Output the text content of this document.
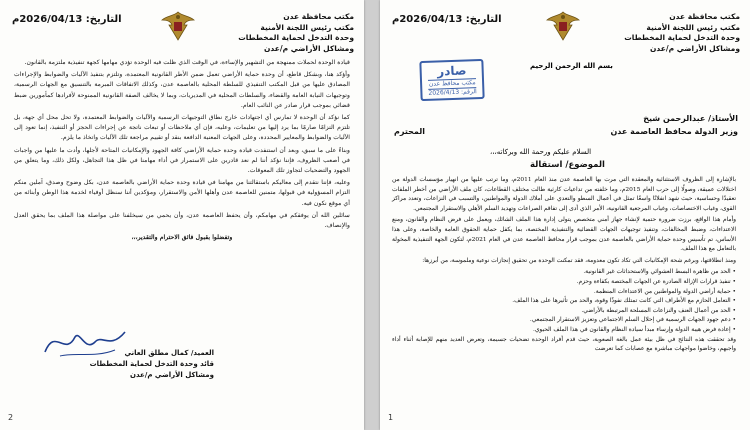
مكتب محافظة عدن
مكتب رئيس اللجنة الأمنية
وحدة التدخل لحماية المخططات
ومشاكل الأراضي م/عدن
التاريخ: 2026/04/13م

قيادة الوحدة لحملات ممنهجة من التشهير والإساءة، في الوقت الذي ظلت فيه الوحدة تؤدي مهامها كجهة تنفيذية ملتزمة بالقانون.

وأؤكد هنا، وبشكل قاطع، أن وحدة حماية الأراضي تعمل ضمن الأطر القانونية المعتمدة، وتلتزم بتنفيذ الآليات والضوابط والإجراءات المصادق عليها من قبل المكتب التنفيذي للسلطة المحلية بالعاصمة عدن، وكذلك الاتفاقات المبرمة بالتنسيق مع الجهات الرسمية، وتوجيهات النيابة العامة والقضاء، والسلطات المحلية في المديريات، وبما لا يخالف الصفة القانونية الممنوحة لأفرادها كمأمورين ضبط قضائي بموجب قرار صادر عن النائب العام.

كما نؤكد أن الوحدة لا تمارس أي اجتهادات خارج نطاق التوجيهات الرسمية والآليات والضوابط المعتمدة، ولا تحل محل أي جهة، بل تلتزم التزامًا صارمًا بما يرد إليها من تعليمات، وعليه، فإن أي ملاحظات أو تبعات ناتجة عن إجراءات الحجز أو التنفيذ، إنما تعود إلى الآليات والضوابط والمعايير المحددة، وعلى الجهات المعنية الدافعة بنقد أو تقييم مراجعة تلك الآليات واتخاذ ما يلزم.

وبناءً على ما سبق، وبعد أن استنفدت قيادة وحدة حماية الأراضي كافة الجهود والإمكانيات المتاحة لأجلها، وأدت ما عليها من واجبات في أصعب الظروف، فإننا نؤكد أننا لم نعد قادرين على الاستمرار في أداء مهامنا في ظل هذا التجاهل، ولكل ذلك، وما يتعلق من الجهود والتضحيات لتجاوز تلك المعوقات.

وعليه، فإننا نتقدم إلى معاليكم باستقالتنا من مهامنا في قيادة وحدة حماية الأراضي بالعاصمة عدن، بكل وضوح وصدق، آملين منكم التزام المسؤولية في قبولها، متمنين للعاصمة عدن وأهلها الأمن والاستقرار، ومؤكدين أننا سنظل أوفياء لخدمة هذا الوطن وأبنائه من أي موقع نكون فيه.

سائلين الله أن يوفقكم في مهامكم، وأن يحفظ العاصمة عدن، وأن يحمي من سيخلفنا على مواصلة هذا الملف بما يحقق العدل والإنصاف.

وتفضلوا بقبول فائق الاحترام والتقدير،،،

العميد/ كمال مطلق العاني
قائد وحدة التدخل لحماية المخططات
ومشاكل الأراضي م/عدن
2
مكتب محافظة عدن
مكتب رئيس اللجنة الأمنية
وحدة التدخل لحماية المخططات
ومشاكل الأراضي م/عدن
التاريخ: 2026/04/13م
بسم الله الرحمن الرحيم
صادر
مكتب محافظ عدن
الرقم: 2026/4/13
الأستاذ/ عبدالرحمن شيخ
وزير الدولة محافظ العاصمة عدن
المحترم
السلام عليكم ورحمة الله وبركاته،،،
الموضوع/ استقالة

بالإشارة إلى الظروف الاستثنائية والمعقدة التي مرت بها العاصمة عدن منذ العام 2011م، وما ترتب عليها من انهيار مؤسسات الدولة من اختلالات عميقة، وصولًا إلى حرب العام 2015م، وما خلفته من تداعيات كارثية طالت مختلف القطاعات، كان ملف الأراضي من أخطر الملفات تعقيدًا وحساسية، حيث شهد انفلاتًا واسعًا تمثل في أعمال السطو والتعدي على أملاك الدولة والمواطنين، والتسبب في النزاعات، وتعدد مراكز القوى، وغياب الاختصاصات، وغياب المرجعية القانونية، الأمر الذي أدى إلى تفاقم الصراعات وتهديد السلم الأهلي والاستقرار المجتمعي.

وأمام هذا الواقع، برزت ضرورة حتمية لإنشاء جهاز أمني متخصص يتولى إدارة هذا الملف الشائك، ويعمل على فرض النظام والقانون، ومنع الاعتداءات، وضبط المخالفات، وتنفيذ توجيهات الجهات القضائية والتنفيذية المختصة، بما يكفل حماية الحقوق العامة والخاصة، وعلى هذا الأساس، تم تأسيس وحدة حماية الأراضي بالعاصمة عدن بموجب قرار محافظ العاصمة عدن في العام 2021م، لتكون الجهة التنفيذية المخولة بالتعامل مع هذا الملف.

ومنذ انطلاقتها، وبرغم شحة الإمكانيات التي تكاد تكون معدومة، فقد تمكنت الوحدة من تحقيق إنجازات نوعية وملموسة، من أبرزها:

• الحد من ظاهرة البسط العشوائي والاستحداثات غير القانونية.
• تنفيذ قرارات الإزالة الصادرة عن الجهات المختصة بكفاءة وحزم.
• حماية أراضي الدولة والمواطنين من الاعتداءات المنظمة.
• التعامل الحازم مع الأطراف التي كانت تمتلك نفوذًا وقوة، والحد من تأثيرها على هذا الملف.
• الحد من أعمال العنف والنزاعات المسلحة المرتبطة بالأراضي.
• دعم جهود الجهات الرسمية في إحلال السلم الاجتماعي وتعزيز الاستقرار المجتمعي.
• إعادة فرض هيبة الدولة وإرساء مبدأ سيادة النظام والقانون في هذا الملف الحيوي.

وقد تحققت هذه النتائج في ظل بيئة عمل بالغة الصعوبة، حيث قدم أفراد الوحدة تضحيات جسيمة، وتعرض العديد منهم للإصابة أثناء أداء واجبهم، وخاضوا مواجهات مباشرة مع عصابات كما تعرضت

1
